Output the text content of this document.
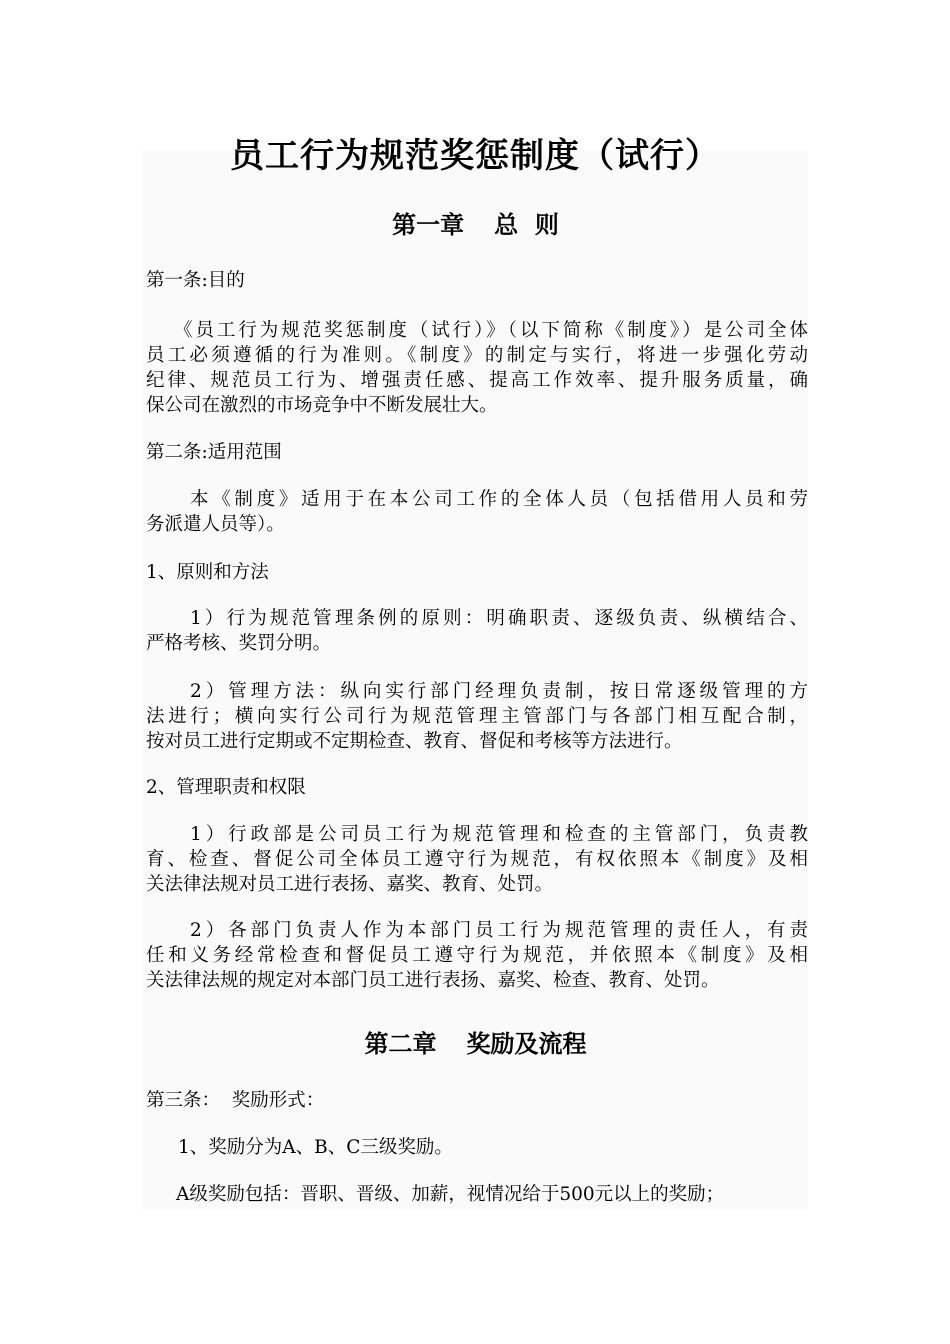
员工行为规范奖惩制度（试行）
第一章 总  则
第一条:目的
《员工行为规范奖惩制度（试行）》（以下简称《制度》）是公司全体
员工必须遵循的行为准则。《制度》的制定与实行，将进一步强化劳动
纪律、规范员工行为、增强责任感、提高工作效率、提升服务质量，确
保公司在激烈的市场竞争中不断发展壮大。
第二条:适用范围
本《制度》适用于在本公司工作的全体人员（包括借用人员和劳
务派遣人员等）。
1、原则和方法
1）行为规范管理条例的原则：明确职责、逐级负责、纵横结合、
严格考核、奖罚分明。
2）管理方法：纵向实行部门经理负责制，按日常逐级管理的方
法进行；横向实行公司行为规范管理主管部门与各部门相互配合制，
按对员工进行定期或不定期检查、教育、督促和考核等方法进行。
2、管理职责和权限
1）行政部是公司员工行为规范管理和检查的主管部门，负责教
育、检查、督促公司全体员工遵守行为规范，有权依照本《制度》及相
关法律法规对员工进行表扬、嘉奖、教育、处罚。
2）各部门负责人作为本部门员工行为规范管理的责任人，有责
任和义务经常检查和督促员工遵守行为规范，并依照本《制度》及相
关法律法规的规定对本部门员工进行表扬、嘉奖、检查、教育、处罚。
第二章 奖励及流程
第三条：  奖励形式：
1、奖励分为A、B、C三级奖励。
A级奖励包括：晋职、晋级、加薪，视情况给于500元以上的奖励；
